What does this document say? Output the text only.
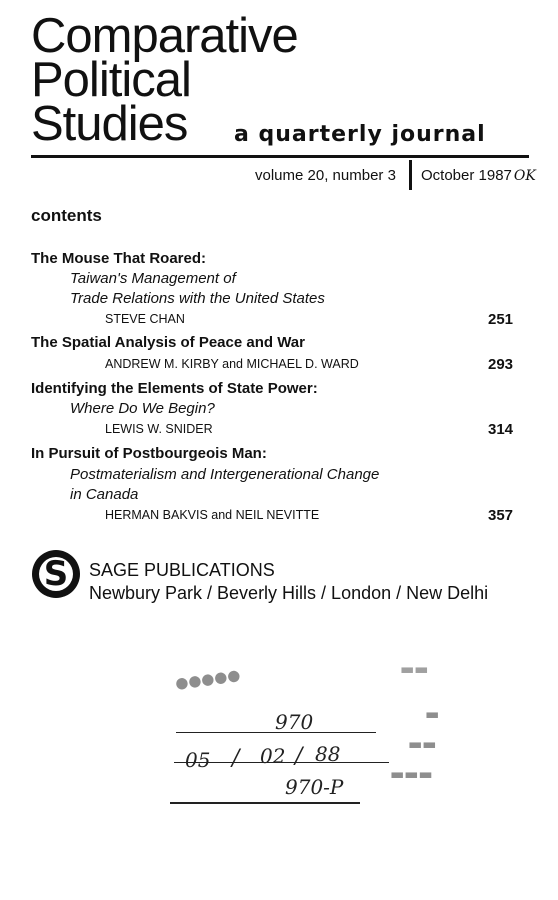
Comparative
Political
Studies a quarterly journal
volume 20, number 3 October 1987 OK
contents
The Mouse That Roared:
Taiwan's Management of
Trade Relations with the United States
STEVE CHAN	251
The Spatial Analysis of Peace and War
ANDREW M. KIRBY and MICHAEL D. WARD	293
Identifying the Elements of State Power:
Where Do We Begin?
LEWIS W. SNIDER	314
In Pursuit of Postbourgeois Man:
Postmaterialism and Intergenerational Change
in Canada
HERMAN BAKVIS and NEIL NEVITTE	357
S	SAGE PUBLICATIONS
Newbury Park / Beverly Hills / London / New Delhi
●●●●●	▬▬
▬
▬▬
▬▬▬
970
05 / 02 / 88
970-P
